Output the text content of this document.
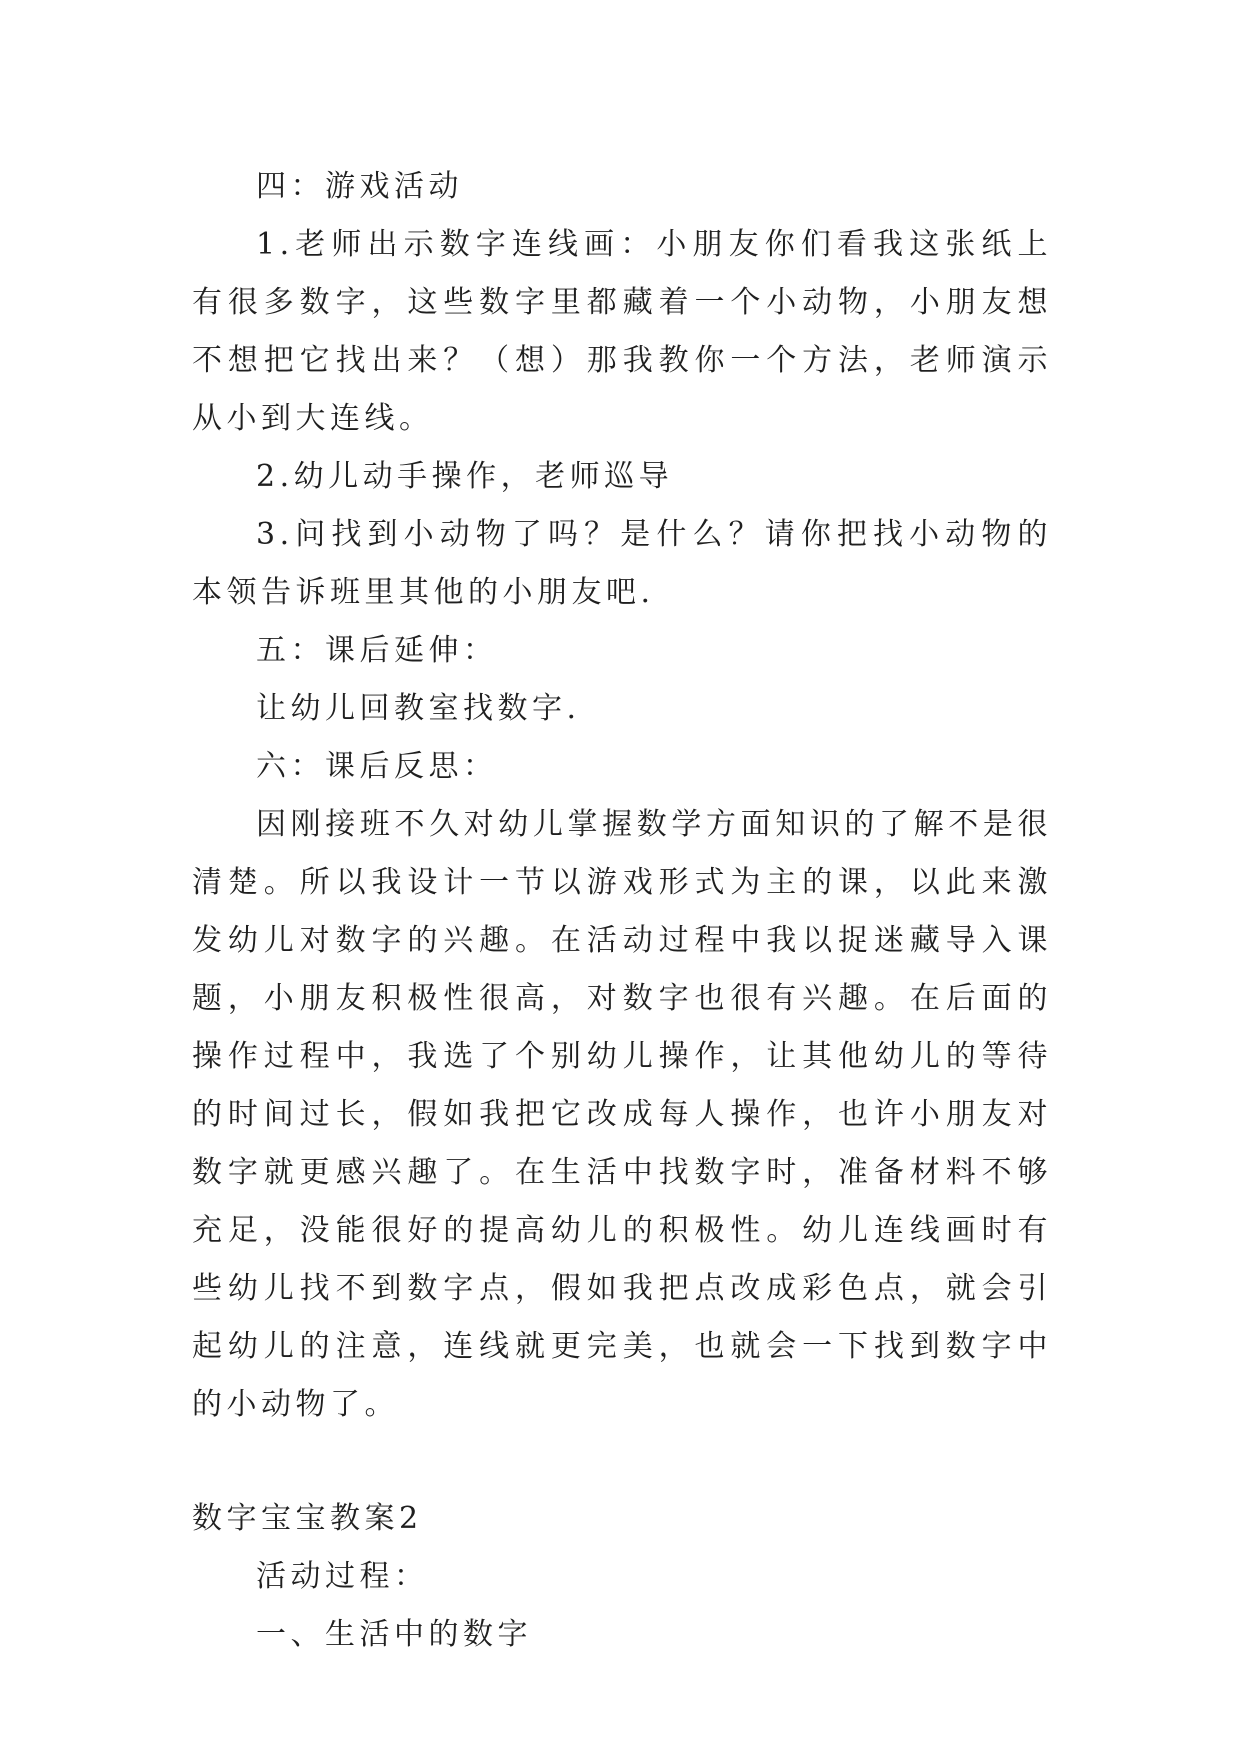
四：游戏活动

1.老师出示数字连线画：小朋友你们看我这张纸上有很多数字，这些数字里都藏着一个小动物，小朋友想不想把它找出来？（想）那我教你一个方法，老师演示从小到大连线。

2.幼儿动手操作，老师巡导

3.问找到小动物了吗？是什么？请你把找小动物的本领告诉班里其他的小朋友吧.

五：课后延伸：

让幼儿回教室找数字.

六：课后反思：

因刚接班不久对幼儿掌握数学方面知识的了解不是很清楚。所以我设计一节以游戏形式为主的课，以此来激发幼儿对数字的兴趣。在活动过程中我以捉迷藏导入课题，小朋友积极性很高，对数字也很有兴趣。在后面的操作过程中，我选了个别幼儿操作，让其他幼儿的等待的时间过长，假如我把它改成每人操作，也许小朋友对数字就更感兴趣了。在生活中找数字时，准备材料不够充足，没能很好的提高幼儿的积极性。幼儿连线画时有些幼儿找不到数字点，假如我把点改成彩色点，就会引起幼儿的注意，连线就更完美，也就会一下找到数字中的小动物了。

数字宝宝教案2

活动过程：

一、生活中的数字
